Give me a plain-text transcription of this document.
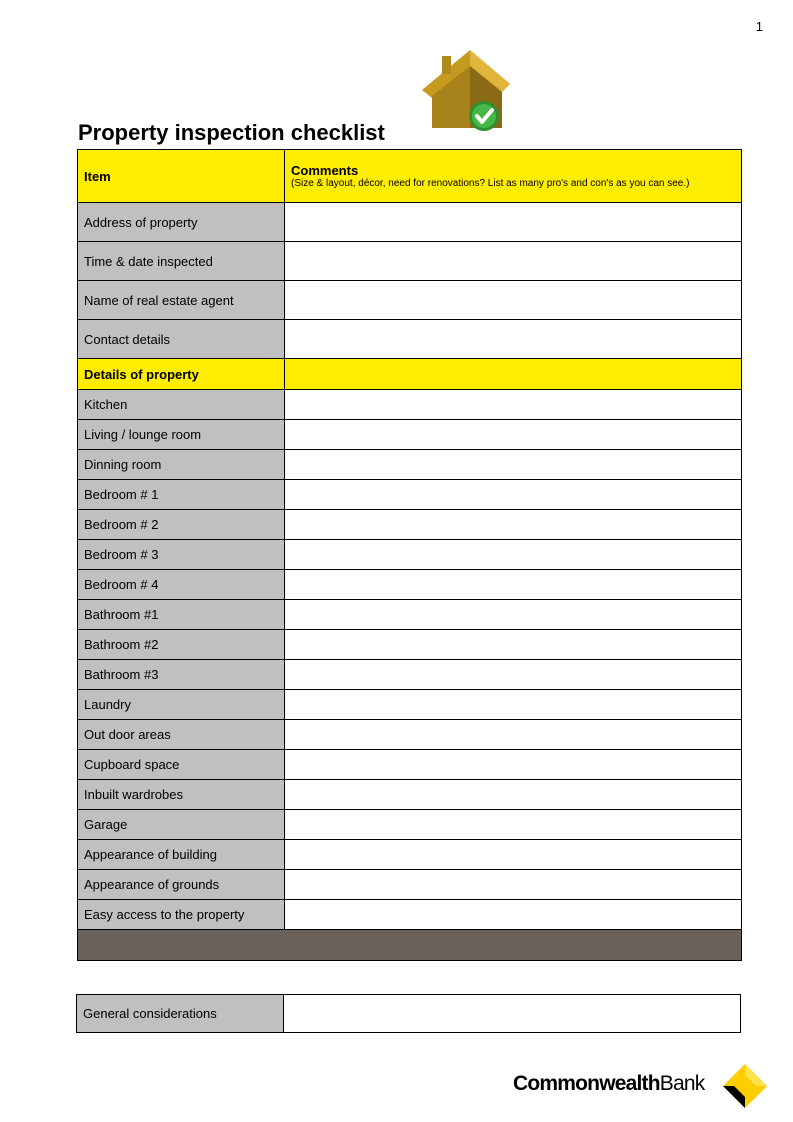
1
Property inspection checklist
Item	Comments
(Size & layout, décor, need for renovations? List as many pro's and con's as you can see.)

Address of property	
Time & date inspected	
Name of real estate agent	
Contact details	
Details of property	
Kitchen	
Living / lounge room	
Dinning room	
Bedroom # 1	
Bedroom # 2	
Bedroom # 3	
Bedroom # 4	
Bathroom #1	
Bathroom #2	
Bathroom #3	
Laundry	
Out door areas	
Cupboard space	
Inbuilt wardrobes	
Garage	
Appearance of building	
Appearance of grounds	
Easy access to the property	

General considerations	
CommonwealthBank
